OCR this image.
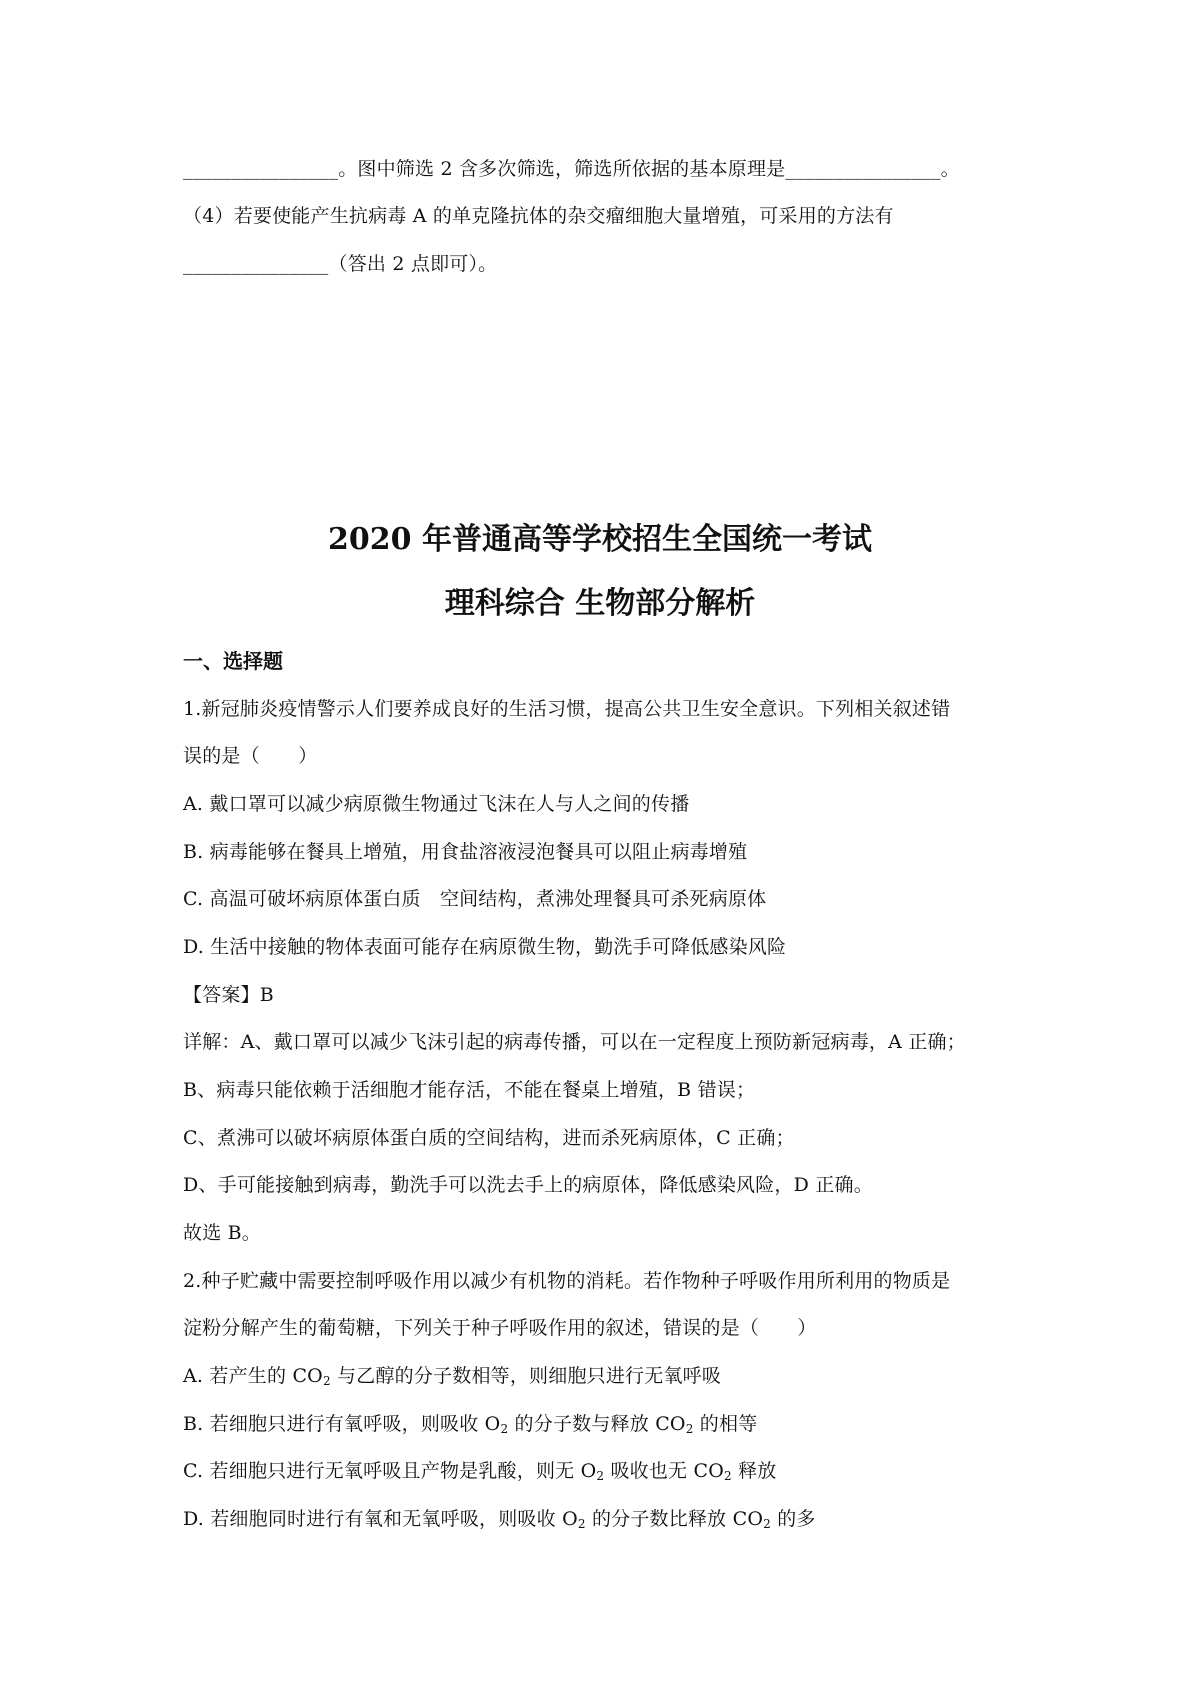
________________。图中筛选 2 含多次筛选，筛选所依据的基本原理是________________。
（4）若要使能产生抗病毒 A 的单克隆抗体的杂交瘤细胞大量增殖，可采用的方法有
_______________（答出 2 点即可）。
2020 年普通高等学校招生全国统一考试
理科综合 生物部分解析
一、选择题
1.新冠肺炎疫情警示人们要养成良好的生活习惯，提高公共卫生安全意识。下列相关叙述错
误的是（　　）
A. 戴口罩可以减少病原微生物通过飞沫在人与人之间的传播
B. 病毒能够在餐具上增殖，用食盐溶液浸泡餐具可以阻止病毒增殖
C. 高温可破坏病原体蛋白质　空间结构，煮沸处理餐具可杀死病原体
D. 生活中接触的物体表面可能存在病原微生物，勤洗手可降低感染风险
【答案】B
详解：A、戴口罩可以减少飞沫引起的病毒传播，可以在一定程度上预防新冠病毒，A 正确；
B、病毒只能依赖于活细胞才能存活，不能在餐桌上增殖，B 错误；
C、煮沸可以破坏病原体蛋白质的空间结构，进而杀死病原体，C 正确；
D、手可能接触到病毒，勤洗手可以洗去手上的病原体，降低感染风险，D 正确。
故选 B。
2.种子贮藏中需要控制呼吸作用以减少有机物的消耗。若作物种子呼吸作用所利用的物质是
淀粉分解产生的葡萄糖，下列关于种子呼吸作用的叙述，错误的是（　　）
A. 若产生的 $CO_2$ 与乙醇的分子数相等，则细胞只进行无氧呼吸
B. 若细胞只进行有氧呼吸，则吸收 $O_2$ 的分子数与释放 $CO_2$ 的相等
C. 若细胞只进行无氧呼吸且产物是乳酸，则无 $O_2$ 吸收也无 $CO_2$ 释放
D. 若细胞同时进行有氧和无氧呼吸，则吸收 $O_2$ 的分子数比释放 $CO_2$ 的多
